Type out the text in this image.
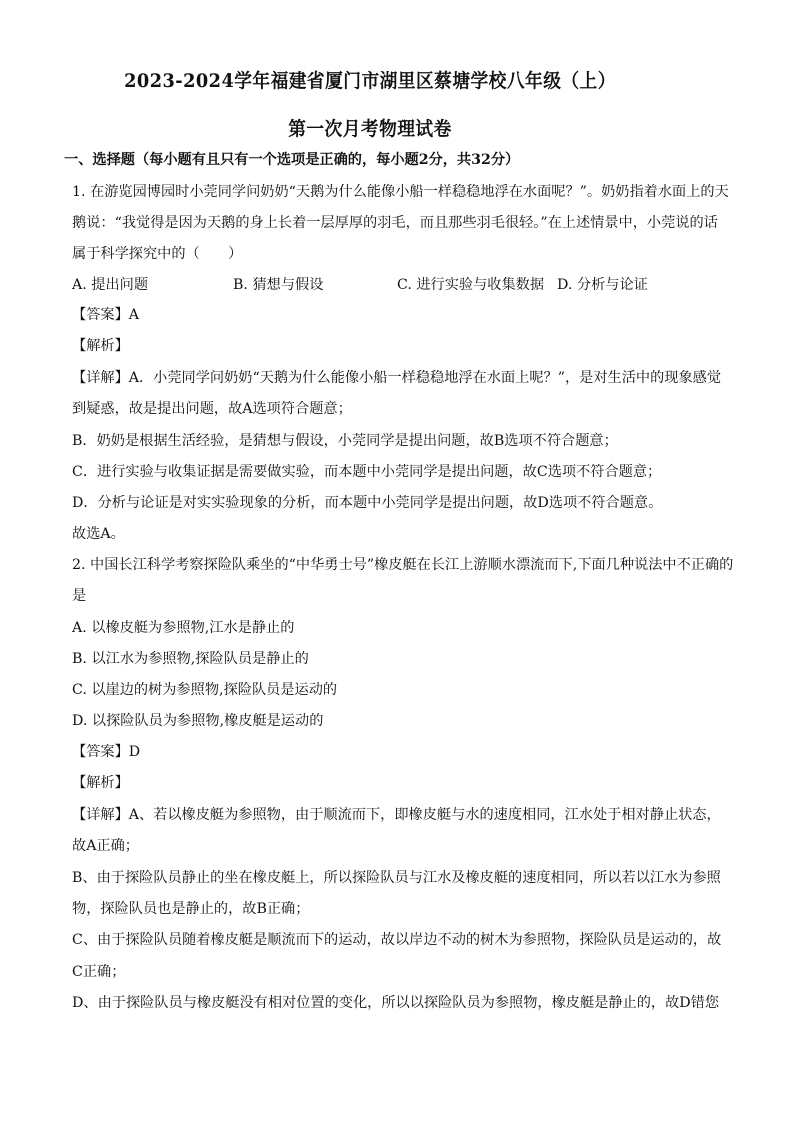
2023-2024学年福建省厦门市湖里区蔡塘学校八年级（上）
第一次月考物理试卷
一、选择题（每小题有且只有一个选项是正确的，每小题2分，共32分）
1. 在游览园博园时小莞同学问奶奶“天鹅为什么能像小船一样稳稳地浮在水面呢？”。奶奶指着水面上的天
鹅说：“我觉得是因为天鹅的身上长着一层厚厚的羽毛，而且那些羽毛很轻。”在上述情景中，小莞说的话
属于科学探究中的（　　）
A. 提出问题	B. 猜想与假设	C. 进行实验与收集数据 D. 分析与论证
【答案】A
【解析】
【详解】A．小莞同学问奶奶“天鹅为什么能像小船一样稳稳地浮在水面上呢？”，是对生活中的现象感觉
到疑惑，故是提出问题，故A选项符合题意；
B．奶奶是根据生活经验，是猜想与假设，小莞同学是提出问题，故B选项不符合题意；
C．进行实验与收集证据是需要做实验，而本题中小莞同学是提出问题，故C选项不符合题意；
D．分析与论证是对实实验现象的分析，而本题中小莞同学是提出问题，故D选项不符合题意。
故选A。
2. 中国长江科学考察探险队乘坐的“中华勇士号”橡皮艇在长江上游顺水漂流而下,下面几种说法中不正确的
是
A. 以橡皮艇为参照物,江水是静止的
B. 以江水为参照物,探险队员是静止的
C. 以崖边的树为参照物,探险队员是运动的
D. 以探险队员为参照物,橡皮艇是运动的
【答案】D
【解析】
【详解】A、若以橡皮艇为参照物，由于顺流而下，即橡皮艇与水的速度相同，江水处于相对静止状态，
故A正确；
B、由于探险队员静止的坐在橡皮艇上，所以探险队员与江水及橡皮艇的速度相同，所以若以江水为参照
物，探险队员也是静止的，故B正确；
C、由于探险队员随着橡皮艇是顺流而下的运动，故以岸边不动的树木为参照物，探险队员是运动的，故
C正确；
D、由于探险队员与橡皮艇没有相对位置的变化，所以以探险队员为参照物，橡皮艇是静止的，故D错您
